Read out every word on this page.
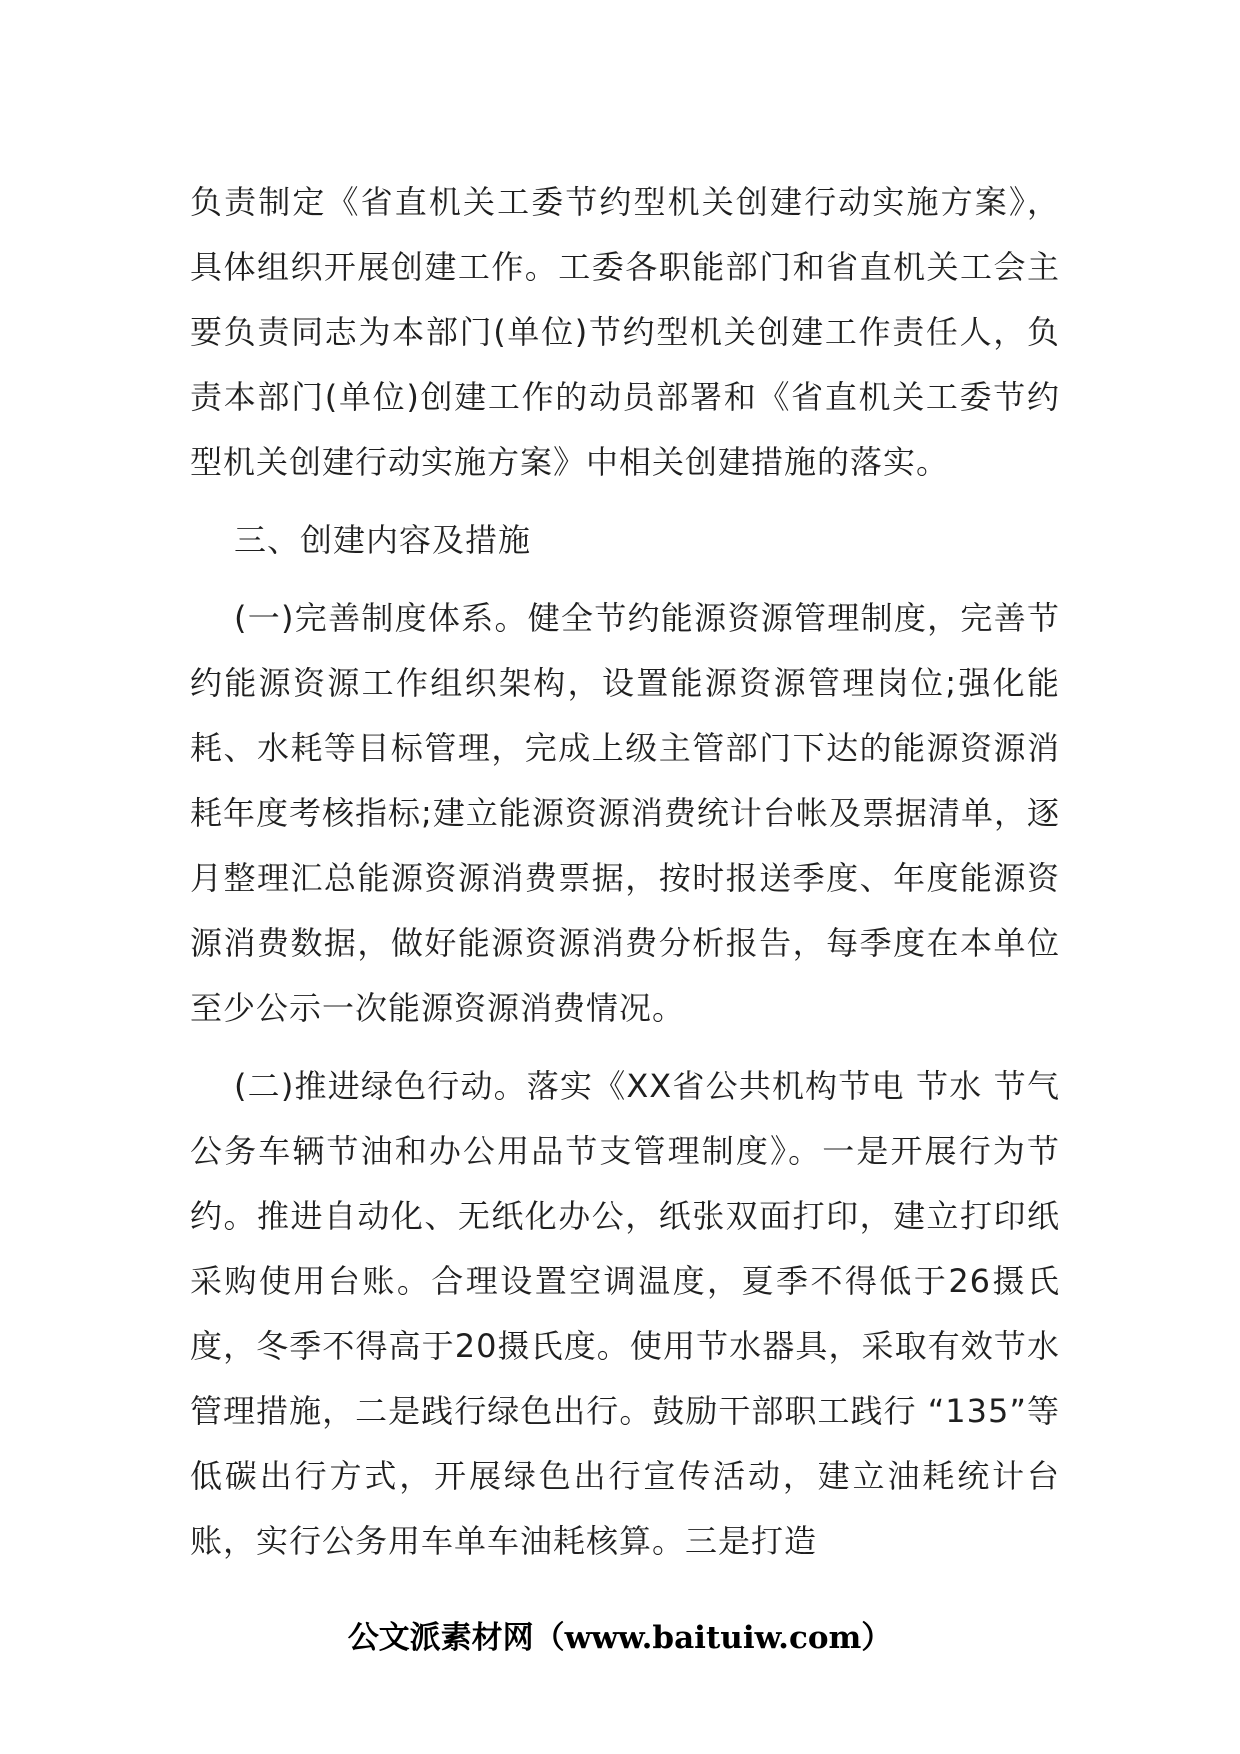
负责制定《省直机关工委节约型机关创建行动实施方案》，具体组织开展创建工作。工委各职能部门和省直机关工会主要负责同志为本部门(单位)节约型机关创建工作责任人，负责本部门(单位)创建工作的动员部署和《省直机关工委节约型机关创建行动实施方案》中相关创建措施的落实。

三、创建内容及措施

(一)完善制度体系。健全节约能源资源管理制度，完善节约能源资源工作组织架构，设置能源资源管理岗位;强化能耗、水耗等目标管理，完成上级主管部门下达的能源资源消耗年度考核指标;建立能源资源消费统计台帐及票据清单，逐月整理汇总能源资源消费票据，按时报送季度、年度能源资源消费数据，做好能源资源消费分析报告，每季度在本单位至少公示一次能源资源消费情况。

(二)推进绿色行动。落实《XX省公共机构节电 节水 节气 公务车辆节油和办公用品节支管理制度》。一是开展行为节约。推进自动化、无纸化办公，纸张双面打印，建立打印纸采购使用台账。合理设置空调温度，夏季不得低于26摄氏度，冬季不得高于20摄氏度。使用节水器具，采取有效节水管理措施，二是践行绿色出行。鼓励干部职工践行 “135”等低碳出行方式，开展绿色出行宣传活动，建立油耗统计台账，实行公务用车单车油耗核算。三是打造

公文派素材网（www.baituiw.com）
